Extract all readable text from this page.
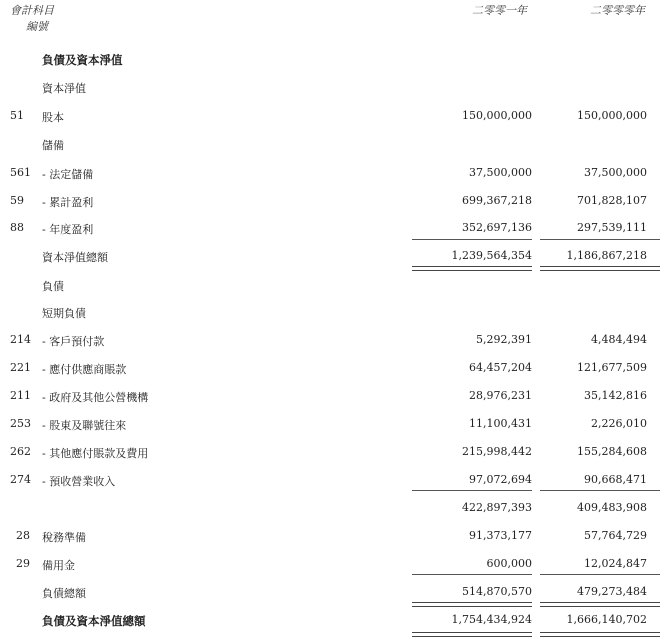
會計科目
編號
二零零一年	二零零零年
負債及資本淨值
資本淨值
51 股本	150,000,000	150,000,000
儲備
561 - 法定儲備	37,500,000	37,500,000
59 - 累計盈利	699,367,218	701,828,107
88 - 年度盈利	352,697,136	297,539,111
資本淨值總額	1,239,564,354	1,186,867,218
負債
短期負債
214 - 客戶預付款	5,292,391	4,484,494
221 - 應付供應商賬款	64,457,204	121,677,509
211 - 政府及其他公營機構	28,976,231	35,142,816
253 - 股東及聯號往來	11,100,431	2,226,010
262 - 其他應付賬款及費用	215,998,442	155,284,608
274 - 預收營業收入	97,072,694	90,668,471
422,897,393	409,483,908
28 稅務準備	91,373,177	57,764,729
29 備用金	600,000	12,024,847
負債總額	514,870,570	479,273,484
負債及資本淨值總額	1,754,434,924	1,666,140,702
